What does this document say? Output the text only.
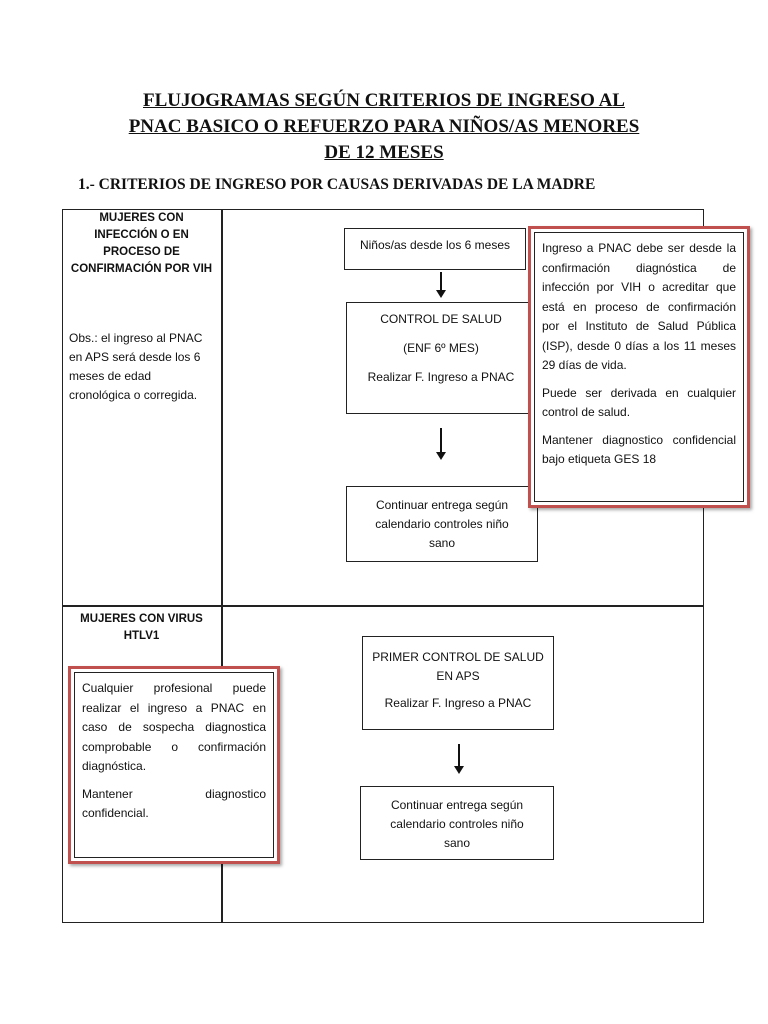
FLUJOGRAMAS SEGÚN CRITERIOS DE INGRESO AL
PNAC BASICO O REFUERZO PARA NIÑOS/AS MENORES
DE 12 MESES
1.- CRITERIOS DE INGRESO POR CAUSAS DERIVADAS DE LA MADRE
MUJERES CON
INFECCIÓN O EN
PROCESO DE
CONFIRMACIÓN POR VIH
Obs.: el ingreso al PNAC
en APS será desde los 6
meses de edad
cronológica o corregida.

Niños/as desde los 6 meses

CONTROL DE SALUD

(ENF 6º MES)

Realizar F. Ingreso a PNAC

Continuar entrega según

calendario controles niño

sano

Ingreso a PNAC debe ser desde la confirmación diagnóstica de infección por VIH o acreditar que está en proceso de confirmación por el Instituto de Salud Pública (ISP), desde 0 días a los 11 meses 29 días de vida.

Puede ser derivada en cualquier control de salud.

Mantener diagnostico confidencial bajo etiqueta GES 18

MUJERES CON VIRUS
HTLV1

Cualquier profesional puede realizar el ingreso a PNAC en caso de sospecha diagnostica comprobable o confirmación diagnóstica.

Mantener diagnostico confidencial.

PRIMER CONTROL DE SALUD

EN APS

Realizar F. Ingreso a PNAC

Continuar entrega según

calendario controles niño

sano
